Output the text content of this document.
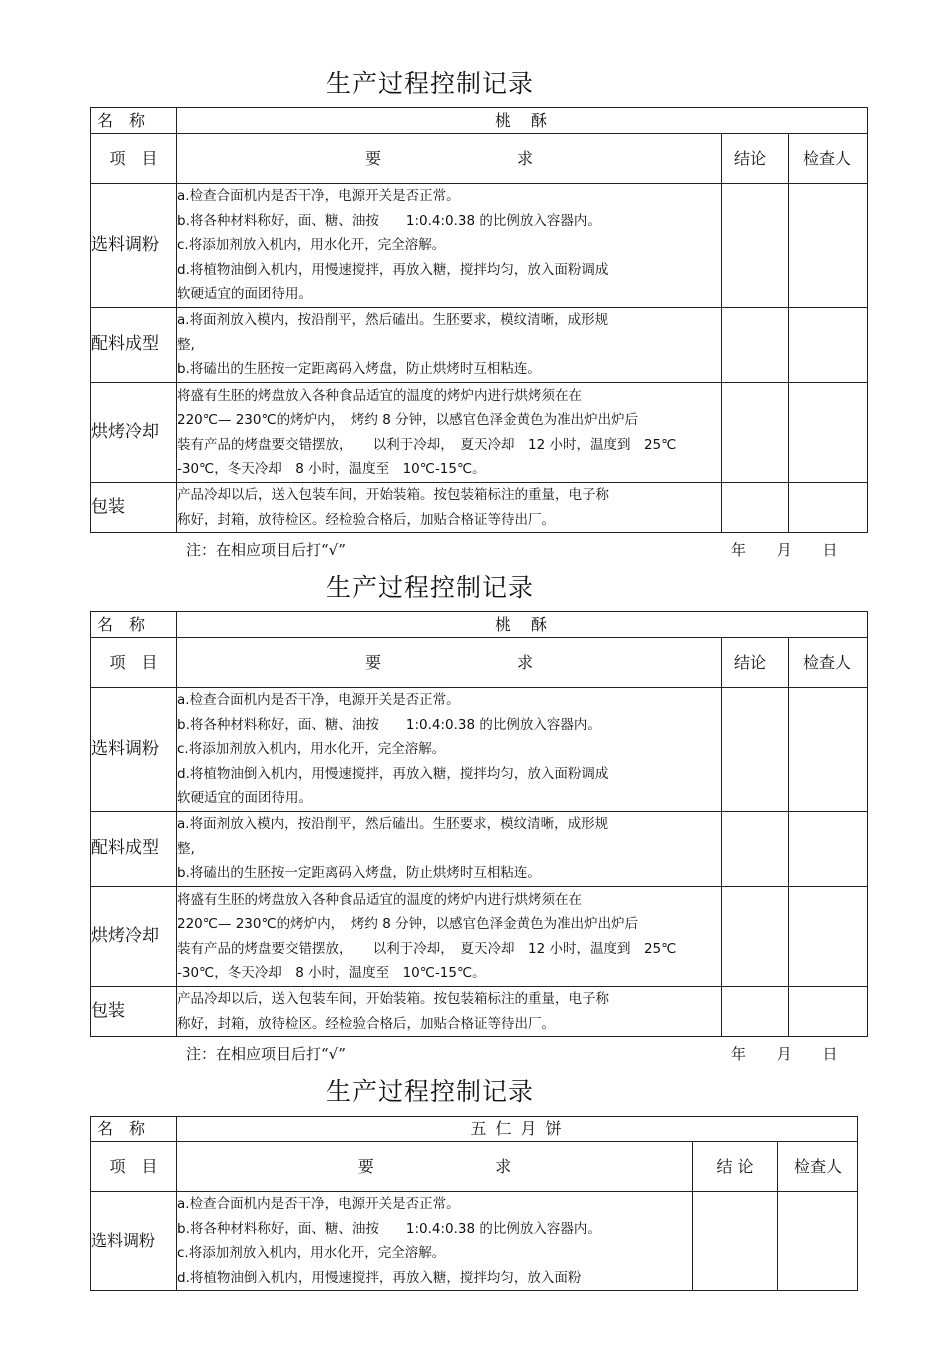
生产过程控制记录
名　称	桃　酥		
项　目	要 求	结论	检查人
选料调粉	a.检查合面机内是否干净，电源开关是否正常。
b.将各种材料称好，面、糖、油按　　1:0.4:0.38 的比例放入容器内。
c.将添加剂放入机内，用水化开，完全溶解。
d.将植物油倒入机内，用慢速搅拌，再放入糖，搅拌均匀，放入面粉调成
软硬适宜的面团待用。		

配料成型	a.将面剂放入模内，按沿削平，然后磕出。生胚要求，模纹清晰，成形规
整,
b.将磕出的生胚按一定距离码入烤盘，防止烘烤时互相粘连。		

烘烤冷却	将盛有生胚的烤盘放入各种食品适宜的温度的烤炉内进行烘烤须在在
220℃— 230℃的烤炉内，　烤约 8 分钟，以感官色泽金黄色为准出炉出炉后
装有产品的烤盘要交错摆放，　　以利于冷却，　夏天冷却　12 小时，温度到　25℃
-30℃，冬天冷却　8 小时，温度至　10℃-15℃。		

包装	产品冷却以后，送入包装车间，开始装箱。按包装箱标注的重量，电子称
称好，封箱，放待检区。经检验合格后，加贴合格证等待出厂。		

注：在相应项目后打“√”	年 月 日
生产过程控制记录
名　称	桃　酥		
项　目	要 求	结论	检查人
选料调粉	a.检查合面机内是否干净，电源开关是否正常。
b.将各种材料称好，面、糖、油按　　1:0.4:0.38 的比例放入容器内。
c.将添加剂放入机内，用水化开，完全溶解。
d.将植物油倒入机内，用慢速搅拌，再放入糖，搅拌均匀，放入面粉调成
软硬适宜的面团待用。		

配料成型	a.将面剂放入模内，按沿削平，然后磕出。生胚要求，模纹清晰，成形规
整,
b.将磕出的生胚按一定距离码入烤盘，防止烘烤时互相粘连。		

烘烤冷却	将盛有生胚的烤盘放入各种食品适宜的温度的烤炉内进行烘烤须在在
220℃— 230℃的烤炉内，　烤约 8 分钟，以感官色泽金黄色为准出炉出炉后
装有产品的烤盘要交错摆放，　　以利于冷却，　夏天冷却　12 小时，温度到　25℃
-30℃，冬天冷却　8 小时，温度至　10℃-15℃。		

包装	产品冷却以后，送入包装车间，开始装箱。按包装箱标注的重量，电子称
称好，封箱，放待检区。经检验合格后，加贴合格证等待出厂。		

注：在相应项目后打“√”	年 月 日
生产过程控制记录
名　称	五 仁 月 饼		
项　目	要 求	结 论	检查人
选料调粉	a.检查合面机内是否干净，电源开关是否正常。
b.将各种材料称好，面、糖、油按　　1:0.4:0.38 的比例放入容器内。
c.将添加剂放入机内，用水化开，完全溶解。
d.将植物油倒入机内，用慢速搅拌，再放入糖，搅拌均匀，放入面粉		
